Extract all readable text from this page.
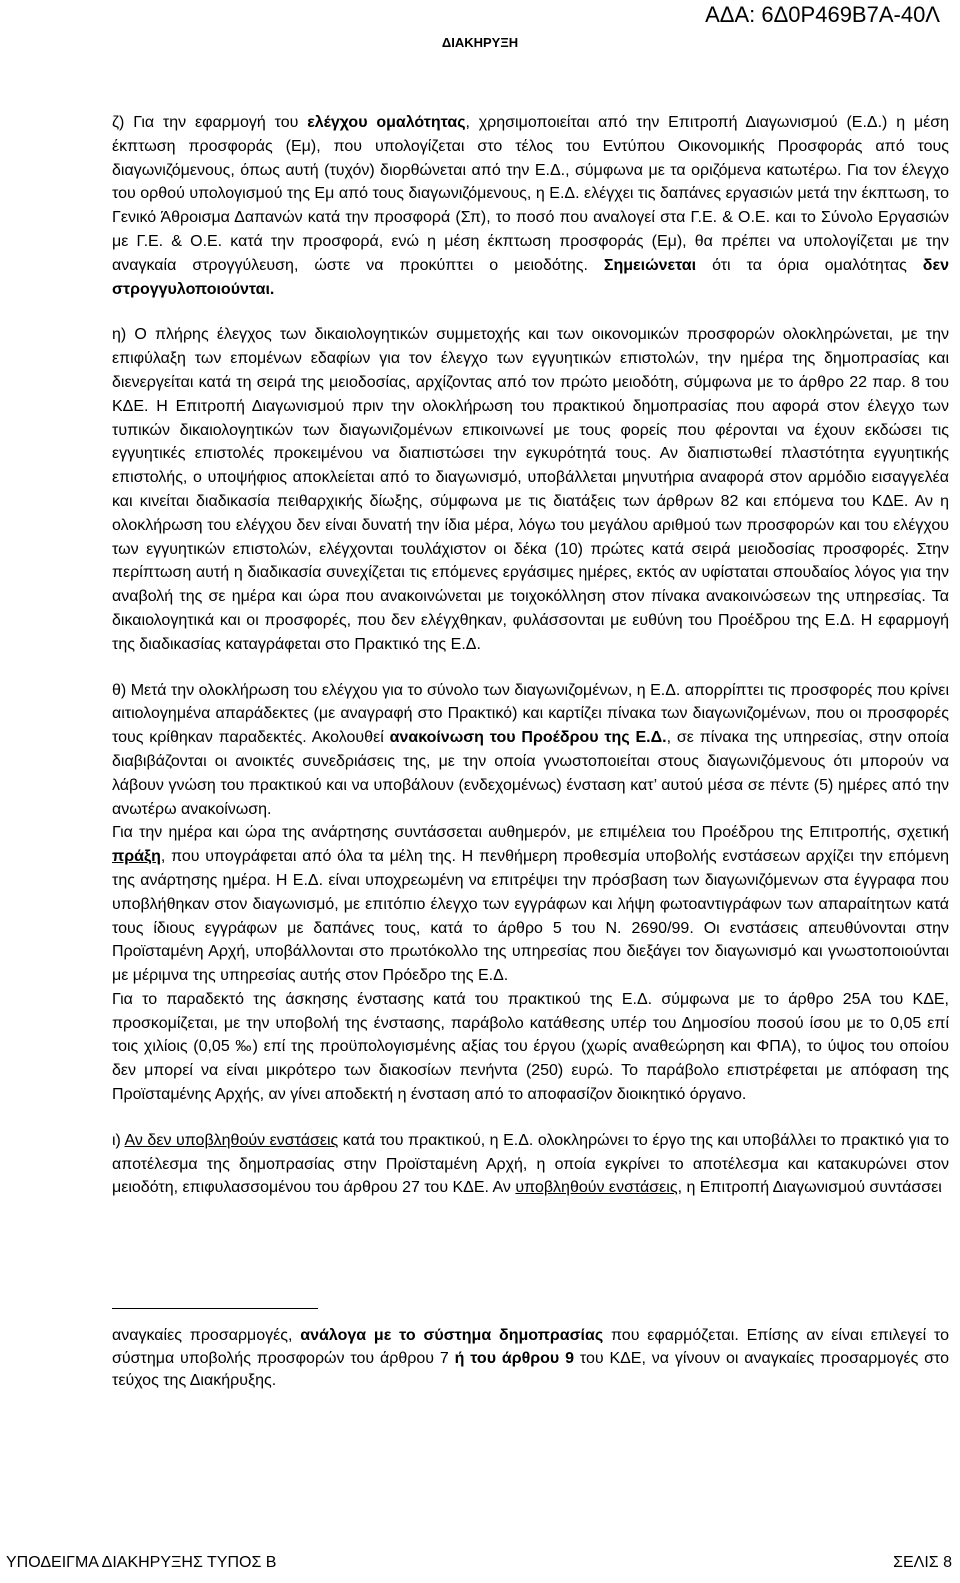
ΑΔΑ: 6Δ0Ρ469Β7Α-40Λ
ΔΙΑΚΗΡΥΞΗ

ζ) Για την εφαρμογή του ελέγχου ομαλότητας, χρησιμοποιείται από την Επιτροπή Διαγωνισμού (Ε.Δ.) η μέση έκπτωση προσφοράς (Εμ), που υπολογίζεται στο τέλος του Εντύπου Οικονομικής Προσφοράς από τους διαγωνιζόμενους, όπως αυτή (τυχόν) διορθώνεται από την Ε.Δ., σύμφωνα με τα οριζόμενα κατωτέρω. Για τον έλεγχο του ορθού υπολογισμού της Εμ από τους διαγωνιζόμενους, η Ε.Δ. ελέγχει τις δαπάνες εργασιών μετά την έκπτωση, το Γενικό Άθροισμα Δαπανών κατά την προσφορά (Σπ), το ποσό που αναλογεί στα Γ.Ε. & Ο.Ε. και το Σύνολο Εργασιών με Γ.Ε. & Ο.Ε. κατά την προσφορά, ενώ η μέση έκπτωση προσφοράς (Εμ), θα πρέπει να υπολογίζεται με την αναγκαία στρογγύλευση, ώστε να προκύπτει ο μειοδότης. Σημειώνεται ότι τα όρια ομαλότητας δεν στρογγυλοποιούνται.

η) Ο πλήρης έλεγχος των δικαιολογητικών συμμετοχής και των οικονομικών προσφορών ολοκληρώνεται, με την επιφύλαξη των επομένων εδαφίων για τον έλεγχο των εγγυητικών επιστολών, την ημέρα της δημοπρασίας και διενεργείται κατά τη σειρά της μειοδοσίας, αρχίζοντας από τον πρώτο μειοδότη, σύμφωνα με το άρθρο 22 παρ. 8 του ΚΔΕ. Η Επιτροπή Διαγωνισμού πριν την ολοκλήρωση του πρακτικού δημοπρασίας που αφορά στον έλεγχο των τυπικών δικαιολογητικών των διαγωνιζομένων επικοινωνεί με τους φορείς που φέρονται να έχουν εκδώσει τις εγγυητικές επιστολές προκειμένου να διαπιστώσει την εγκυρότητά τους. Αν διαπιστωθεί πλαστότητα εγγυητικής επιστολής, ο υποψήφιος αποκλείεται από το διαγωνισμό, υποβάλλεται μηνυτήρια αναφορά στον αρμόδιο εισαγγελέα και κινείται διαδικασία πειθαρχικής δίωξης, σύμφωνα με τις διατάξεις των άρθρων 82 και επόμενα του ΚΔΕ. Αν η ολοκλήρωση του ελέγχου δεν είναι δυνατή την ίδια μέρα, λόγω του μεγάλου αριθμού των προσφορών και του ελέγχου των εγγυητικών επιστολών, ελέγχονται τουλάχιστον οι δέκα (10) πρώτες κατά σειρά μειοδοσίας προσφορές. Στην περίπτωση αυτή η διαδικασία συνεχίζεται τις επόμενες εργάσιμες ημέρες, εκτός αν υφίσταται σπουδαίος λόγος για την αναβολή της σε ημέρα και ώρα που ανακοινώνεται με τοιχοκόλληση στον πίνακα ανακοινώσεων της υπηρεσίας. Τα δικαιολογητικά και οι προσφορές, που δεν ελέγχθηκαν, φυλάσσονται με ευθύνη του Προέδρου της Ε.Δ. Η εφαρμογή της διαδικασίας καταγράφεται στο Πρακτικό της Ε.Δ.

θ) Μετά την ολοκλήρωση του ελέγχου για το σύνολο των διαγωνιζομένων, η Ε.Δ. απορρίπτει τις προσφορές που κρίνει αιτιολογημένα απαράδεκτες (με αναγραφή στο Πρακτικό) και καρτίζει πίνακα των διαγωνιζομένων, που οι προσφορές τους κρίθηκαν παραδεκτές. Ακολουθεί ανακοίνωση του Προέδρου της Ε.Δ., σε πίνακα της υπηρεσίας, στην οποία διαβιβάζονται οι ανοικτές συνεδριάσεις της, με την οποία γνωστοποιείται στους διαγωνιζόμενους ότι μπορούν να λάβουν γνώση του πρακτικού και να υποβάλουν (ενδεχομένως) ένσταση κατ’ αυτού μέσα σε πέντε (5) ημέρες από την ανωτέρω ανακοίνωση.

Για την ημέρα και ώρα της ανάρτησης συντάσσεται αυθημερόν, με επιμέλεια του Προέδρου της Επιτροπής, σχετική πράξη, που υπογράφεται από όλα τα μέλη της. Η πενθήμερη προθεσμία υποβολής ενστάσεων αρχίζει την επόμενη της ανάρτησης ημέρα. Η Ε.Δ. είναι υποχρεωμένη να επιτρέψει την πρόσβαση των διαγωνιζόμενων στα έγγραφα που υποβλήθηκαν στον διαγωνισμό, με επιτόπιο έλεγχο των εγγράφων και λήψη φωτοαντιγράφων των απαραίτητων κατά τους ίδιους εγγράφων με δαπάνες τους, κατά το άρθρο 5 του Ν. 2690/99. Οι ενστάσεις απευθύνονται στην Προϊσταμένη Αρχή, υποβάλλονται στο πρωτόκολλο της υπηρεσίας που διεξάγει τον διαγωνισμό και γνωστοποιούνται με μέριμνα της υπηρεσίας αυτής στον Πρόεδρο της Ε.Δ.

Για το παραδεκτό της άσκησης ένστασης κατά του πρακτικού της Ε.Δ. σύμφωνα με το άρθρο 25Α του ΚΔΕ, προσκομίζεται, με την υποβολή της ένστασης, παράβολο κατάθεσης υπέρ του Δημοσίου ποσού ίσου με το 0,05 επί τοις χιλίοις (0,05 ‰) επί της προϋπολογισμένης αξίας του έργου (χωρίς αναθεώρηση και ΦΠΑ), το ύψος του οποίου δεν μπορεί να είναι μικρότερο των διακοσίων πενήντα (250) ευρώ. Το παράβολο επιστρέφεται με απόφαση της Προϊσταμένης Αρχής, αν γίνει αποδεκτή η ένσταση από το αποφασίζον διοικητικό όργανο.

ι) Αν δεν υποβληθούν ενστάσεις κατά του πρακτικού, η Ε.Δ. ολοκληρώνει το έργο της και υποβάλλει το πρακτικό για το αποτέλεσμα της δημοπρασίας στην Προϊσταμένη Αρχή, η οποία εγκρίνει το αποτέλεσμα και κατακυρώνει στον μειοδότη, επιφυλασσομένου του άρθρου 27 του ΚΔΕ. Αν υποβληθούν ενστάσεις, η Επιτροπή Διαγωνισμού συντάσσει

αναγκαίες προσαρμογές, ανάλογα με το σύστημα δημοπρασίας που εφαρμόζεται. Επίσης αν είναι επιλεγεί το σύστημα υποβολής προσφορών του άρθρου 7 ή του άρθρου 9 του ΚΔΕ, να γίνουν οι αναγκαίες προσαρμογές στο τεύχος της Διακήρυξης.
ΥΠΟΔΕΙΓΜΑ ΔΙΑΚΗΡΥΞΗΣ ΤΥΠΟΣ Β	ΣΕΛΙΣ 8
